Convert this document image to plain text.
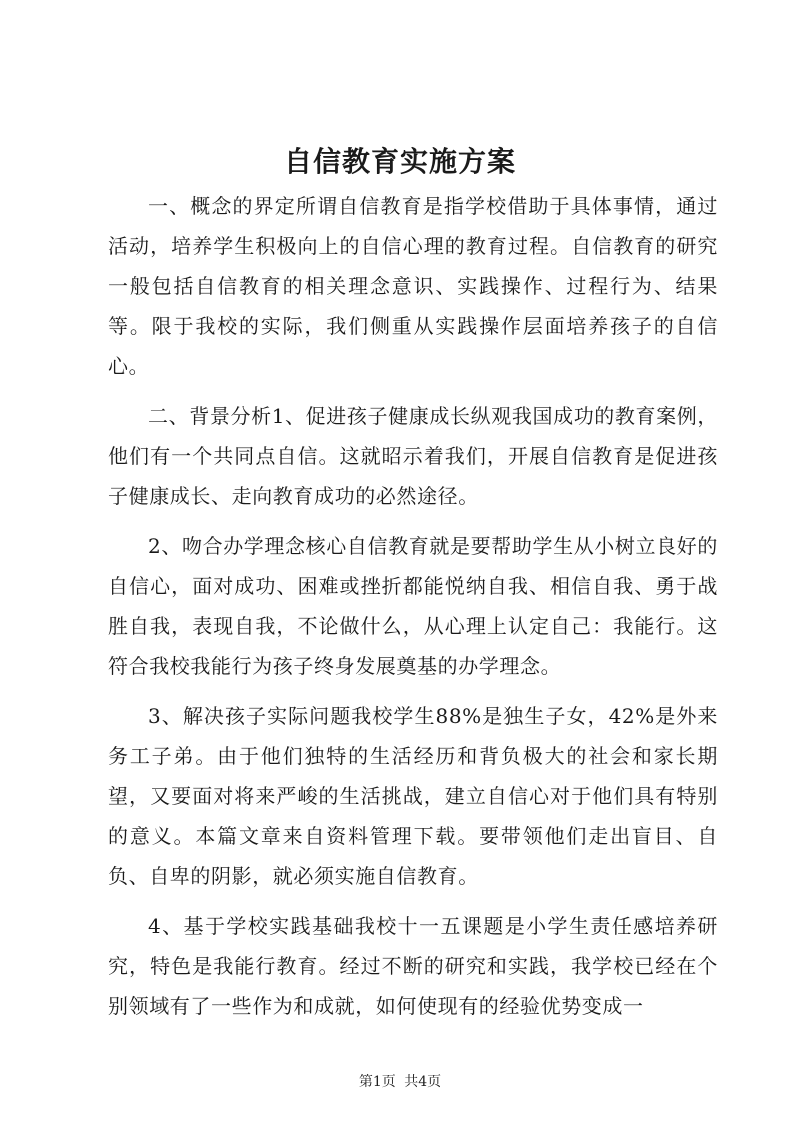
自信教育实施方案

一、概念的界定所谓自信教育是指学校借助于具体事情，通过活动，培养学生积极向上的自信心理的教育过程。自信教育的研究一般包括自信教育的相关理念意识、实践操作、过程行为、结果等。限于我校的实际，我们侧重从实践操作层面培养孩子的自信心。

二、背景分析1、促进孩子健康成长纵观我国成功的教育案例，他们有一个共同点自信。这就昭示着我们，开展自信教育是促进孩子健康成长、走向教育成功的必然途径。

2、吻合办学理念核心自信教育就是要帮助学生从小树立良好的自信心，面对成功、困难或挫折都能悦纳自我、相信自我、勇于战胜自我，表现自我，不论做什么，从心理上认定自己：我能行。这符合我校我能行为孩子终身发展奠基的办学理念。

3、解决孩子实际问题我校学生88%是独生子女，42%是外来务工子弟。由于他们独特的生活经历和背负极大的社会和家长期望，又要面对将来严峻的生活挑战，建立自信心对于他们具有特别的意义。本篇文章来自资料管理下载。要带领他们走出盲目、自负、自卑的阴影，就必须实施自信教育。

4、基于学校实践基础我校十一五课题是小学生责任感培养研究，特色是我能行教育。经过不断的研究和实践，我学校已经在个别领域有了一些作为和成就，如何使现有的经验优势变成一

第1页 共4页
